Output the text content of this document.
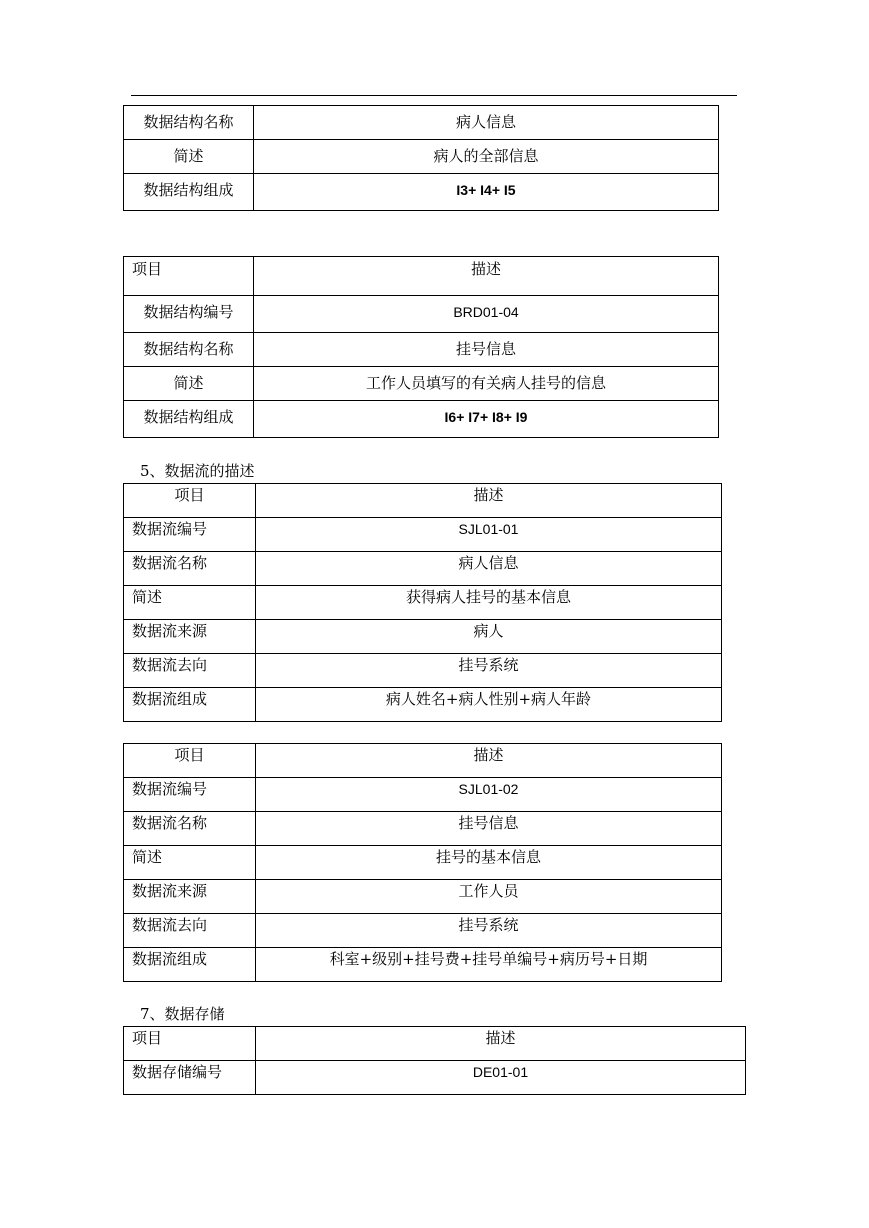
数据结构名称	病人信息
简述	病人的全部信息
数据结构组成	I3+ I4+ I5
项目	描述
数据结构编号	BRD01-04
数据结构名称	挂号信息
简述	工作人员填写的有关病人挂号的信息
数据结构组成	I6+ I7+ I8+ I9
5、数据流的描述
项目	描述
数据流编号	SJL01-01
数据流名称	病人信息
简述	获得病人挂号的基本信息
数据流来源	病人
数据流去向	挂号系统
数据流组成	病人姓名+病人性别+病人年龄
项目	描述
数据流编号	SJL01-02
数据流名称	挂号信息
简述	挂号的基本信息
数据流来源	工作人员
数据流去向	挂号系统
数据流组成	科室+级别+挂号费+挂号单编号+病历号+日期
7、数据存储
项目	描述
数据存储编号	DE01-01
